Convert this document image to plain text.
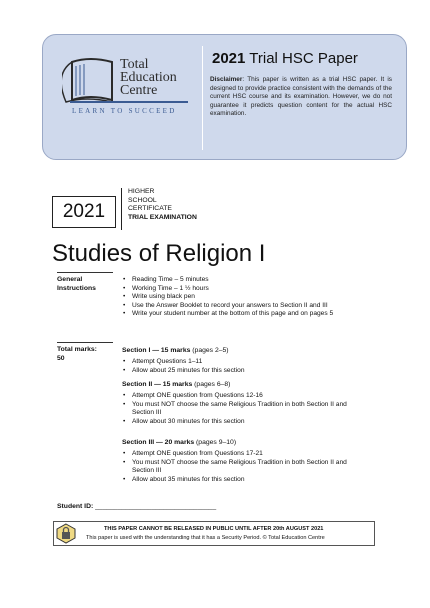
Total
Education
Centre
LEARN TO SUCCEED
2021 Trial HSC Paper
Disclaimer: This paper is written as a trial HSC paper. It is designed to provide practice consistent with the demands of the current HSC course and its examination. However, we do not guarantee it predicts question content for the actual HSC examination.
2021
HIGHER
SCHOOL
CERTIFICATE
TRIAL EXAMINATION
Studies of Religion I
General
Instructions
• Reading Time – 5 minutes
• Working Time – 1 ½ hours
• Write using black pen
• Use the Answer Booklet to record your answers to Section II and III
• Write your student number at the bottom of this page and on pages 5
Total marks:
50
Section I — 15 marks (pages 2–5)
• Attempt Questions 1–11
• Allow about 25 minutes for this section
Section II — 15 marks (pages 6–8)
• Attempt ONE question from Questions 12-16
• You must NOT choose the same Religious Tradition in both Section II and Section III
• Allow about 30 minutes for this section
Section III — 20 marks (pages 9–10)
• Attempt ONE question from Questions 17-21
• You must NOT choose the same Religious Tradition in both Section II and Section III
• Allow about 35 minutes for this section
Student ID: ________________________________
THIS PAPER CANNOT BE RELEASED IN PUBLIC UNTIL AFTER 20th AUGUST 2021
This paper is used with the understanding that it has a Security Period. © Total Education Centre
